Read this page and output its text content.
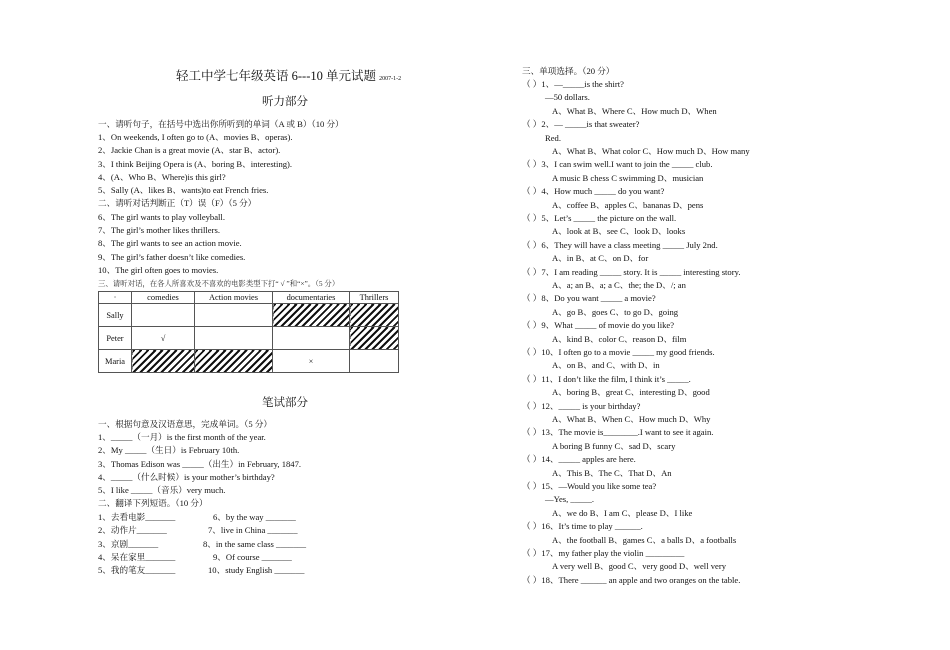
轻工中学七年级英语 6---10 单元试题 2007-1-2
听力部分
一、请听句子，在括号中选出你所听到的单词（A 或 B）（10 分）
1、On weekends, I often go to (A、movies B、operas).
2、Jackie Chan is a great movie (A、star B、actor).
3、I think Beijing Opera is (A、boring B、interesting).
4、(A、Who B、Where)is this girl?
5、Sally (A、likes B、wants)to eat French fries.
二、请听对话判断正（T）误（F）（5 分）
6、The girl wants to play volleyball.
7、The girl’s mother likes thrillers.
8、The girl wants to see an action movie.
9、The girl’s father doesn’t like comedies.
10、The girl often goes to movies.
三、请听对话，在各人所喜欢及不喜欢的电影类型下打“ √ ”和“×”。（5 分）
·	comedies	Action movies	documentaries	Thrillers
Sally				
Peter	√			
Maria			×	
笔试部分
一、根据句意及汉语意思，完成单词。（5 分）
1、_____（一月）is the first month of the year.
2、My _____（生日）is February 10th.
3、Thomas Edison was _____（出生）in February, 1847.
4、_____（什么时候）is your mother’s birthday?
5、I like _____（音乐）very much.
二、翻译下列短语。（10 分）
1、去看电影_______	6、by the way _______
2、动作片_______	7、live in China _______
3、京剧_______	8、in the same class _______
4、呆在家里_______	9、Of course _______
5、我的笔友_______	10、study English _______
三、单项选择。（20 分）
（ ）1、—_____is the shirt?
—50 dollars.
A、What B、Where C、How much D、When
（ ）2、— _____is that sweater?
Red.
A、What B、What color C、How much D、How many
（ ）3、I can swim well.I want to join the _____ club.
A music B chess C swimming D、musician
（ ）4、How much _____ do you want?
A、coffee B、apples C、bananas D、pens
（ ）5、Let’s _____ the picture on the wall.
A、look at B、see C、look D、looks
（ ）6、They will have a class meeting _____ July 2nd.
A、in B、at C、on D、for
（ ）7、I am reading _____ story. It is _____ interesting story.
A、a; an B、a; a C、the; the D、/; an
（ ）8、Do you want _____ a movie?
A、go B、goes C、to go D、going
（ ）9、What _____ of movie do you like?
A、kind B、color C、reason D、film
（ ）10、I often go to a movie _____ my good friends.
A、on B、and C、with D、in
（ ）11、I don’t like the film, I think it’s _____.
A、boring B、great C、interesting D、good
（ ）12、_____ is your birthday?
A、What B、When C、How much D、Why
（ ）13、The movie is________.I want to see it again.
A boring B funny C、sad D、scary
（ ）14、_____ apples are here.
A、This B、The C、That D、An
（ ）15、—Would you like some tea?
—Yes, _____.
A、we do B、I am C、please D、I like
（ ）16、It’s time to play ______.
A、the football B、games C、a balls D、a footballs
（ ）17、my father play the violin _________
A very well B、good C、very good D、well very
（ ）18、There ______ an apple and two oranges on the table.
